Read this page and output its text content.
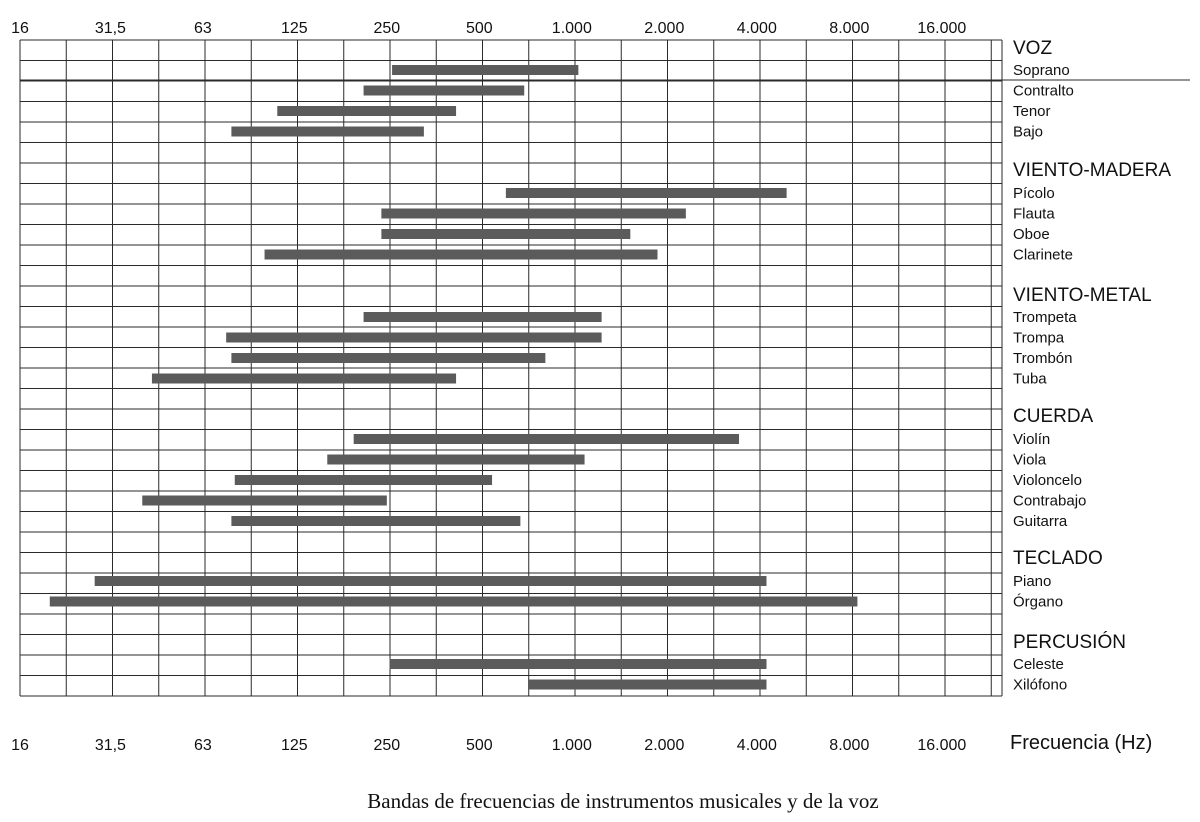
16
16
31,5
31,5
63
63
125
125
250
250
500
500
1.000
1.000
2.000
2.000
4.000
4.000
8.000
8.000
16.000
16.000
VOZ
Soprano
Contralto
Tenor
Bajo
VIENTO-MADERA
Pícolo
Flauta
Oboe
Clarinete
VIENTO-METAL
Trompeta
Trompa
Trombón
Tuba
CUERDA
Violín
Viola
Violoncelo
Contrabajo
Guitarra
TECLADO
Piano
Órgano
PERCUSIÓN
Celeste
Xilófono
Frecuencia (Hz)
Bandas de frecuencias de instrumentos musicales y de la voz
